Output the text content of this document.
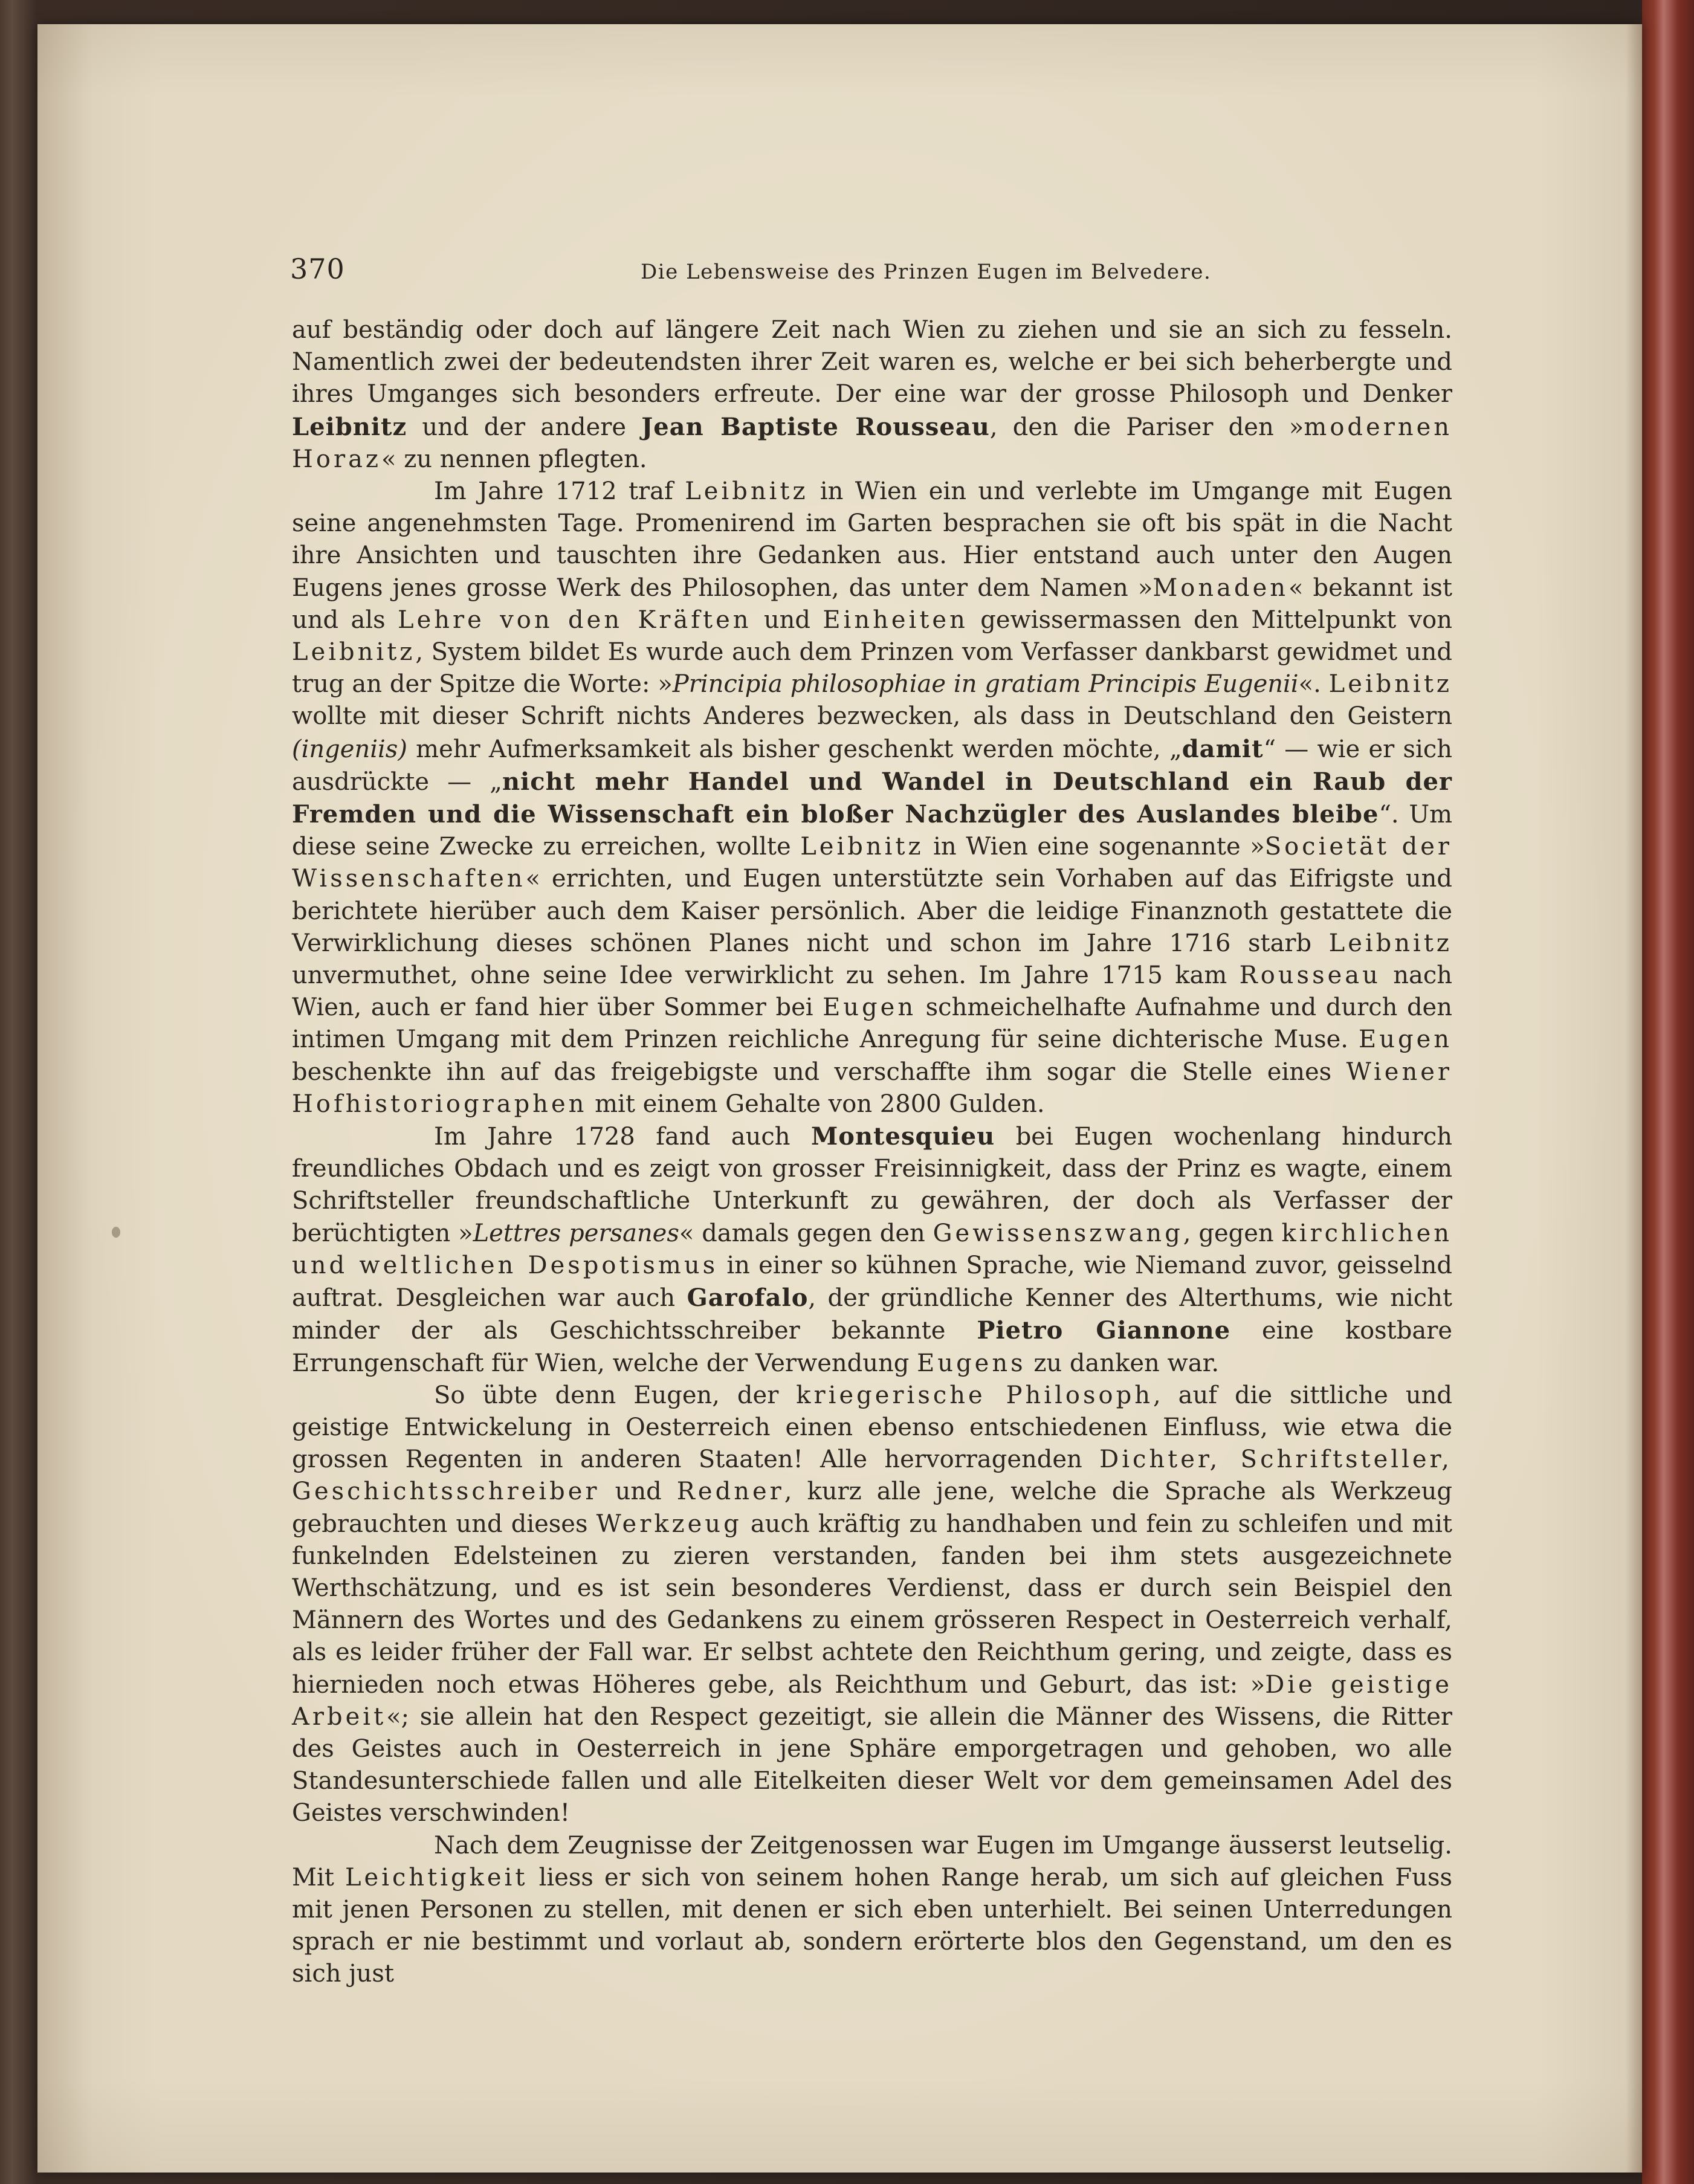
370	Die Lebensweise des Prinzen Eugen im Belvedere.

auf beständig oder doch auf längere Zeit nach Wien zu ziehen und sie an sich zu fesseln. Namentlich zwei der bedeutendsten ihrer Zeit waren es, welche er bei sich beherbergte und ihres Umganges sich besonders erfreute. Der eine war der grosse Philosoph und Denker Leibnitz und der andere Jean Baptiste Rousseau, den die Pariser den »modernen Horaz« zu nennen pflegten.

Im Jahre 1712 traf Leibnitz in Wien ein und verlebte im Umgange mit Eugen seine angenehmsten Tage. Promenirend im Garten besprachen sie oft bis spät in die Nacht ihre Ansichten und tauschten ihre Gedanken aus. Hier entstand auch unter den Augen Eugens jenes grosse Werk des Philosophen, das unter dem Namen »Monaden« bekannt ist und als Lehre von den Kräften und Einheiten gewissermassen den Mittelpunkt von Leibnitz, System bildet Es wurde auch dem Prinzen vom Verfasser dankbarst gewidmet und trug an der Spitze die Worte: »Principia philosophiae in gratiam Principis Eugenii«. Leibnitz wollte mit dieser Schrift nichts Anderes bezwecken, als dass in Deutschland den Geistern (ingeniis) mehr Aufmerksamkeit als bisher geschenkt werden möchte, „damit“ — wie er sich ausdrückte — „nicht mehr Handel und Wandel in Deutschland ein Raub der Fremden und die Wissenschaft ein bloßer Nachzügler des Auslandes bleibe“. Um diese seine Zwecke zu erreichen, wollte Leibnitz in Wien eine sogenannte »Societät der Wissenschaften« errichten, und Eugen unterstützte sein Vorhaben auf das Eifrigste und berichtete hierüber auch dem Kaiser persönlich. Aber die leidige Finanznoth gestattete die Verwirklichung dieses schönen Planes nicht und schon im Jahre 1716 starb Leibnitz unvermuthet, ohne seine Idee verwirklicht zu sehen. Im Jahre 1715 kam Rousseau nach Wien, auch er fand hier über Sommer bei Eugen schmeichelhafte Aufnahme und durch den intimen Umgang mit dem Prinzen reichliche Anregung für seine dichterische Muse. Eugen beschenkte ihn auf das freigebigste und verschaffte ihm sogar die Stelle eines Wiener Hofhistoriographen mit einem Gehalte von 2800 Gulden.

Im Jahre 1728 fand auch Montesquieu bei Eugen wochenlang hindurch freundliches Obdach und es zeigt von grosser Freisinnigkeit, dass der Prinz es wagte, einem Schriftsteller freundschaftliche Unterkunft zu gewähren, der doch als Verfasser der berüchtigten »Lettres persanes« damals gegen den Gewissenszwang, gegen kirchlichen und weltlichen Despotismus in einer so kühnen Sprache, wie Niemand zuvor, geisselnd auftrat. Desgleichen war auch Garofalo, der gründliche Kenner des Alterthums, wie nicht minder der als Geschichtsschreiber bekannte Pietro Giannone eine kostbare Errungenschaft für Wien, welche der Verwendung Eugens zu danken war.

So übte denn Eugen, der kriegerische Philosoph, auf die sittliche und geistige Entwickelung in Oesterreich einen ebenso entschiedenen Einfluss, wie etwa die grossen Regenten in anderen Staaten! Alle hervorragenden Dichter, Schriftsteller, Geschichtsschreiber und Redner, kurz alle jene, welche die Sprache als Werkzeug gebrauchten und dieses Werkzeug auch kräftig zu handhaben und fein zu schleifen und mit funkelnden Edelsteinen zu zieren verstanden, fanden bei ihm stets ausgezeichnete Werthschätzung, und es ist sein besonderes Verdienst, dass er durch sein Beispiel den Männern des Wortes und des Gedankens zu einem grösseren Respect in Oesterreich verhalf, als es leider früher der Fall war. Er selbst achtete den Reichthum gering, und zeigte, dass es hiernieden noch etwas Höheres gebe, als Reichthum und Geburt, das ist: »Die geistige Arbeit«; sie allein hat den Respect gezeitigt, sie allein die Männer des Wissens, die Ritter des Geistes auch in Oesterreich in jene Sphäre emporgetragen und gehoben, wo alle Standesunterschiede fallen und alle Eitelkeiten dieser Welt vor dem gemeinsamen Adel des Geistes verschwinden!

Nach dem Zeugnisse der Zeitgenossen war Eugen im Umgange äusserst leutselig. Mit Leichtigkeit liess er sich von seinem hohen Range herab, um sich auf gleichen Fuss mit jenen Personen zu stellen, mit denen er sich eben unterhielt. Bei seinen Unterredungen sprach er nie bestimmt und vorlaut ab, sondern erörterte blos den Gegenstand, um den es sich just
